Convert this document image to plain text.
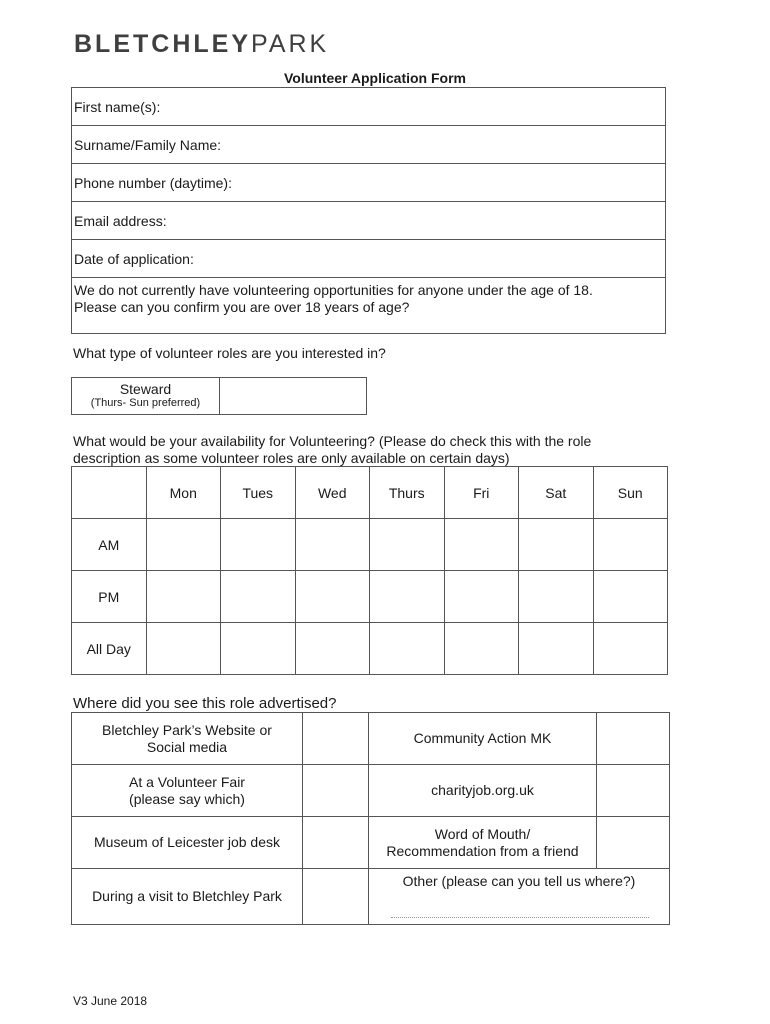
BLETCHLEYPARK
Volunteer Application Form
First name(s):
Surname/Family Name:
Phone number (daytime):
Email address:
Date of application:

We do not currently have volunteering opportunities for anyone under the age of 18.
Please can you confirm you are over 18 years of age?
What type of volunteer roles are you interested in?
Steward
(Thurs- Sun preferred)

What would be your availability for Volunteering? (Please do check this with the role
description as some volunteer roles are only available on certain days)
	Mon	Tues	Wed	Thurs	Fri	Sat	Sun
AM							
PM							
All Day							
Where did you see this role advertised?
Bletchley Park’s Website or
Social media		Community Action MK	

At a Volunteer Fair
(please say which)		charityjob.org.uk	
Museum of Leicester job desk		Word of Mouth/
Recommendation from a friend	

During a visit to Bletchley Park		Other (please can you tell us where?)	
V3 June 2018
